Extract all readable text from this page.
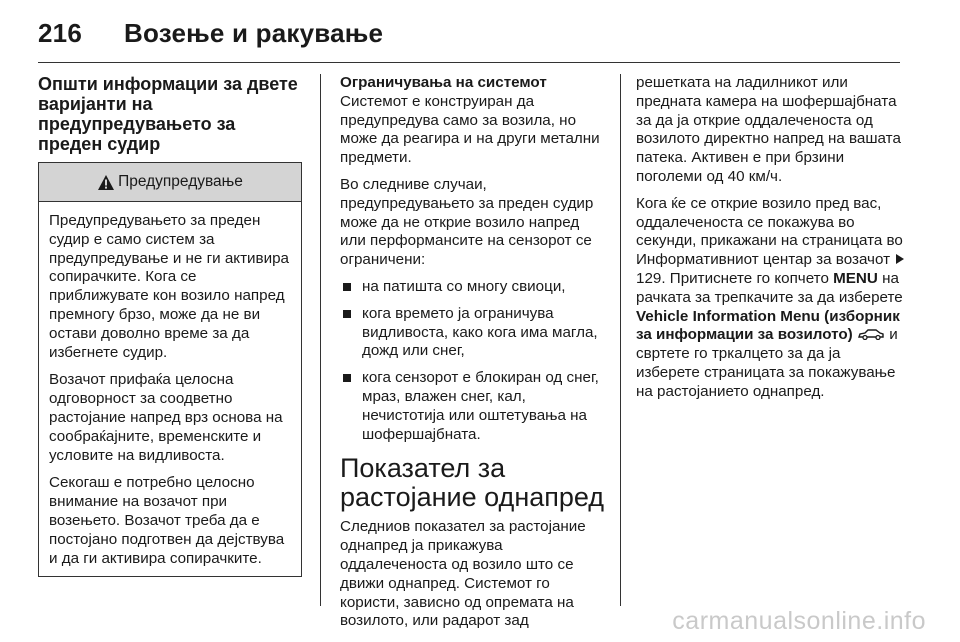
216 Возење и ракување
Општи информации за двете варијанти на предупредувањето за преден судир
Предупредување

Предупредувањето за преден судир е само систем за предупредување и не ги активира сопирачките. Кога се приближувате кон возило напред премногу брзо, може да не ви остави доволно време за да избегнете судир.

Возачот прифаќа целосна одговорност за соодветно растојание напред врз основа на сообраќајните, временските и условите на видливоста.

Секогаш е потребно целосно внимание на возачот при возењето. Возачот треба да е постојано подготвен да дејствува и да ги активира сопирачките.

Ограничувања на системот

Системот е конструиран да предупредува само за возила, но може да реагира и на други метални предмети.

Во следниве случаи, предупредувањето за преден судир може да не открие возило напред или перформансите на сензорот се ограничени:

на патишта со многу свиоци,
кога времето ја ограничува видливоста, како кога има магла, дожд или снег,
кога сензорот е блокиран од снег, мраз, влажен снег, кал, нечистотија или оштетувања на шофершајбната.
Показател за растојание однапред

Следниов показател за растојание однапред ја прикажува оддалеченоста од возило што се движи однапред. Системот го користи, зависно од опремата на возилото, или радарот зад

решетката на ладилникот или предната камера на шофершајбната за да ја открие оддалеченоста од возилото директно напред на вашата патека. Активен е при брзини поголеми од 40 км/ч.

Кога ќе се открие возило пред вас, оддалеченоста се покажува во секунди, прикажани на страницата во Информативниот центар за возачот 129. Притиснете го копчето MENU на рачката за трепкачите за да изберете Vehicle Information Menu (изборник за информации за возилото) и свртете го тркалцето за да ја изберете страницата за покажување на растојанието однапред.

carmanualsonline.info
